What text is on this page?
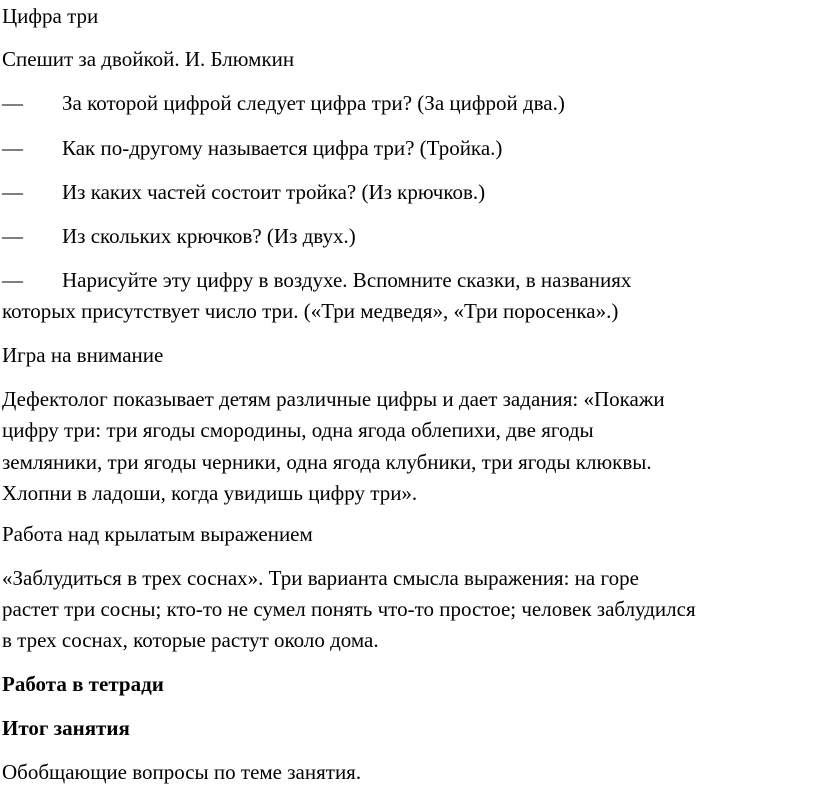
Цифра три
Спешит за двойкой. И. Блюмкин
— За которой цифрой следует цифра три? (За цифрой два.)
— Как по-другому называется цифра три? (Тройка.)
— Из каких частей состоит тройка? (Из крючков.)
— Из скольких крючков? (Из двух.)
— Нарисуйте эту цифру в воздухе. Вспомните сказки, в названиях
которых присутствует число три. («Три медведя», «Три поросенка».)
Игра на внимание
Дефектолог показывает детям различные цифры и дает задания: «Покажи
цифру три: три ягоды смородины, одна ягода облепихи, две ягоды
земляники, три ягоды черники, одна ягода клубники, три ягоды клюквы.
Хлопни в ладоши, когда увидишь цифру три».
Работа над крылатым выражением
«Заблудиться в трех соснах». Три варианта смысла выражения: на горе
растет три сосны; кто-то не сумел понять что-то простое; человек заблудился
в трех соснах, которые растут около дома.
Работа в тетради
Итог занятия
Обобщающие вопросы по теме занятия.
